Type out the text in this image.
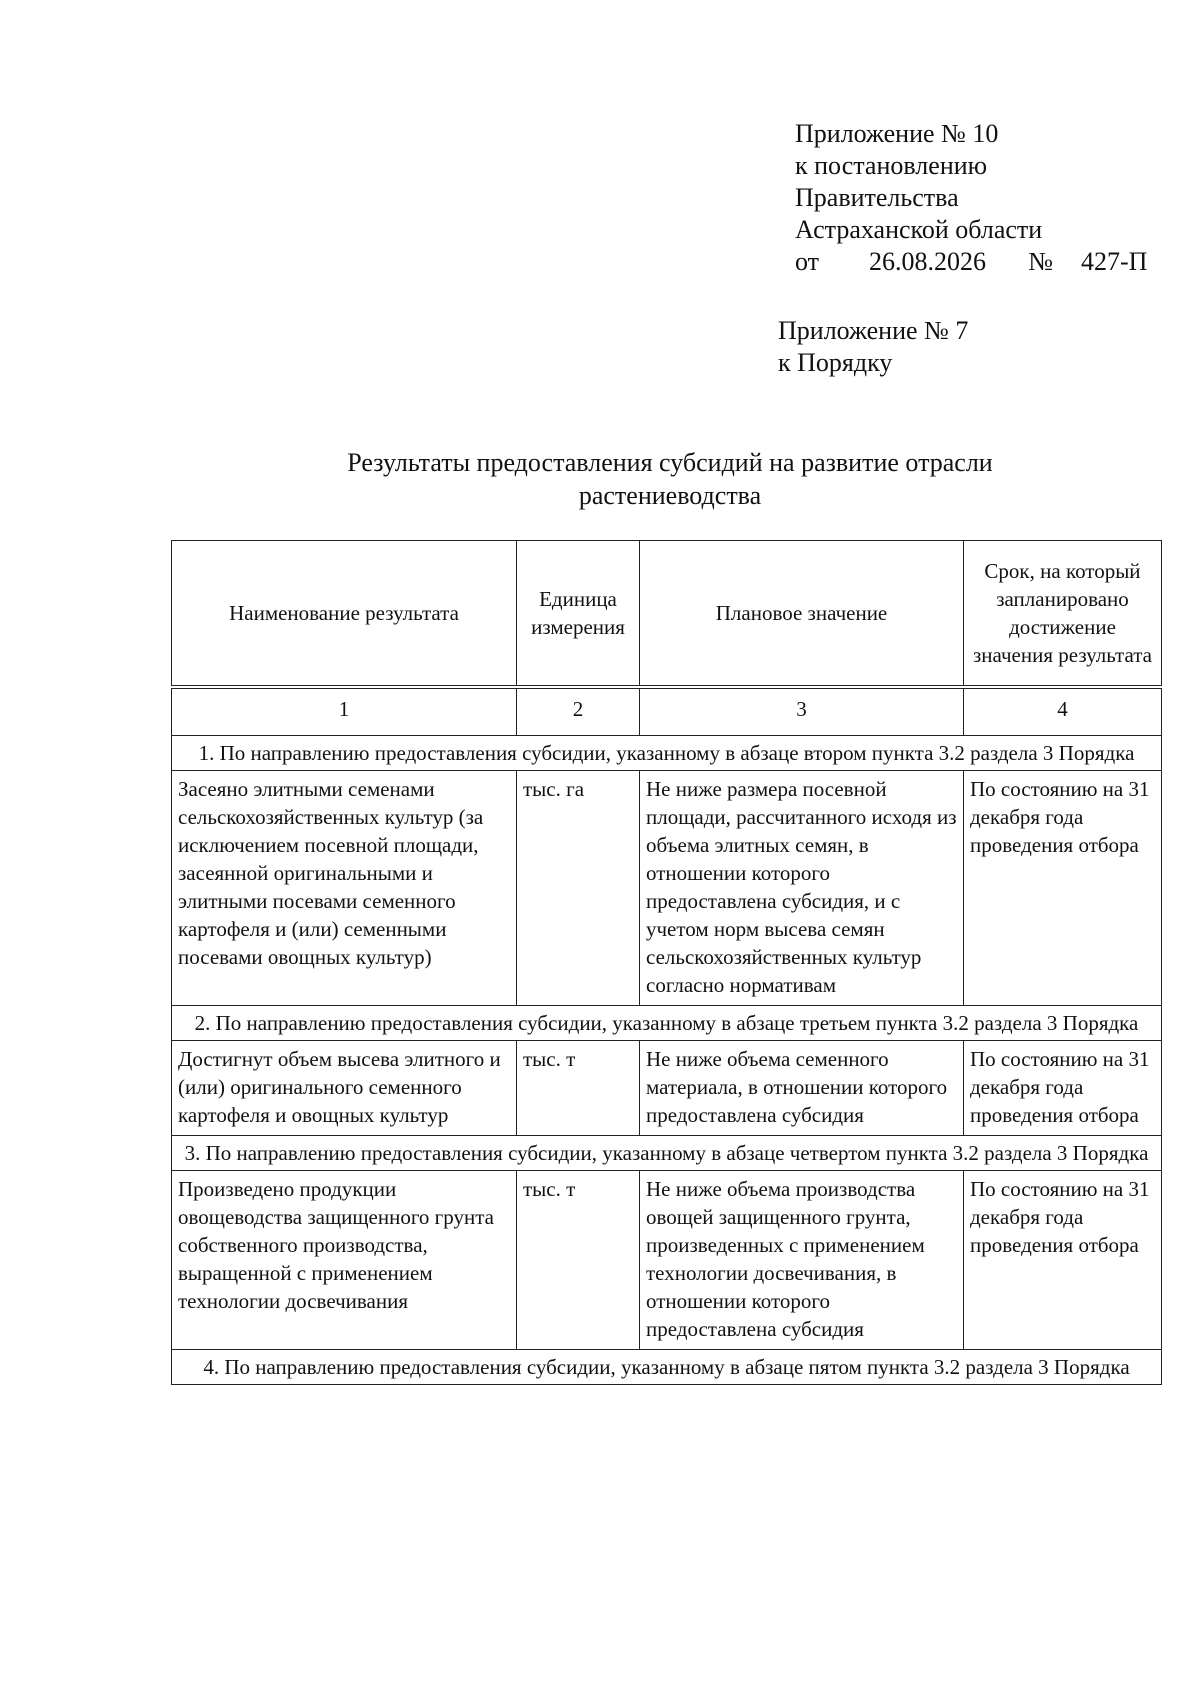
Приложение № 10
к постановлению
Правительства
Астраханской области
от 26.08.2026 № 427-П
Приложение № 7
к Порядку
Результаты предоставления субсидий на развитие отрасли
растениеводства
Наименование результата	Единица измерения	Плановое значение	Срок, на который запланировано достижение значения результата
1	2	3	4
1. По направлению предоставления субсидии, указанному в абзаце втором пункта 3.2 раздела 3 Порядка			
Засеяно элитными семенами сельскохозяйственных культур (за исключением посевной площади, засеянной оригинальными и элитными посевами семенного картофеля и (или) семенными посевами овощных культур)	тыс. га	Не ниже размера посевной площади, рассчитанного исходя из объема элитных семян, в отношении которого предоставлена субсидия, и с учетом норм высева семян сельскохозяйственных культур согласно нормативам	По состоянию на 31 декабря года проведения отбора
2. По направлению предоставления субсидии, указанному в абзаце третьем пункта 3.2 раздела 3 Порядка			
Достигнут объем высева элитного и (или) оригинального семенного картофеля и овощных культур	тыс. т	Не ниже объема семенного материала, в отношении которого предоставлена субсидия	По состоянию на 31 декабря года проведения отбора
3. По направлению предоставления субсидии, указанному в абзаце четвертом пункта 3.2 раздела 3 Порядка			
Произведено продукции овощеводства защищенного грунта собственного производства, выращенной с применением технологии досвечивания	тыс. т	Не ниже объема производства овощей защищенного грунта, произведенных с применением технологии досвечивания, в отношении которого предоставлена субсидия	По состоянию на 31 декабря года проведения отбора
4. По направлению предоставления субсидии, указанному в абзаце пятом пункта 3.2 раздела 3 Порядка			
